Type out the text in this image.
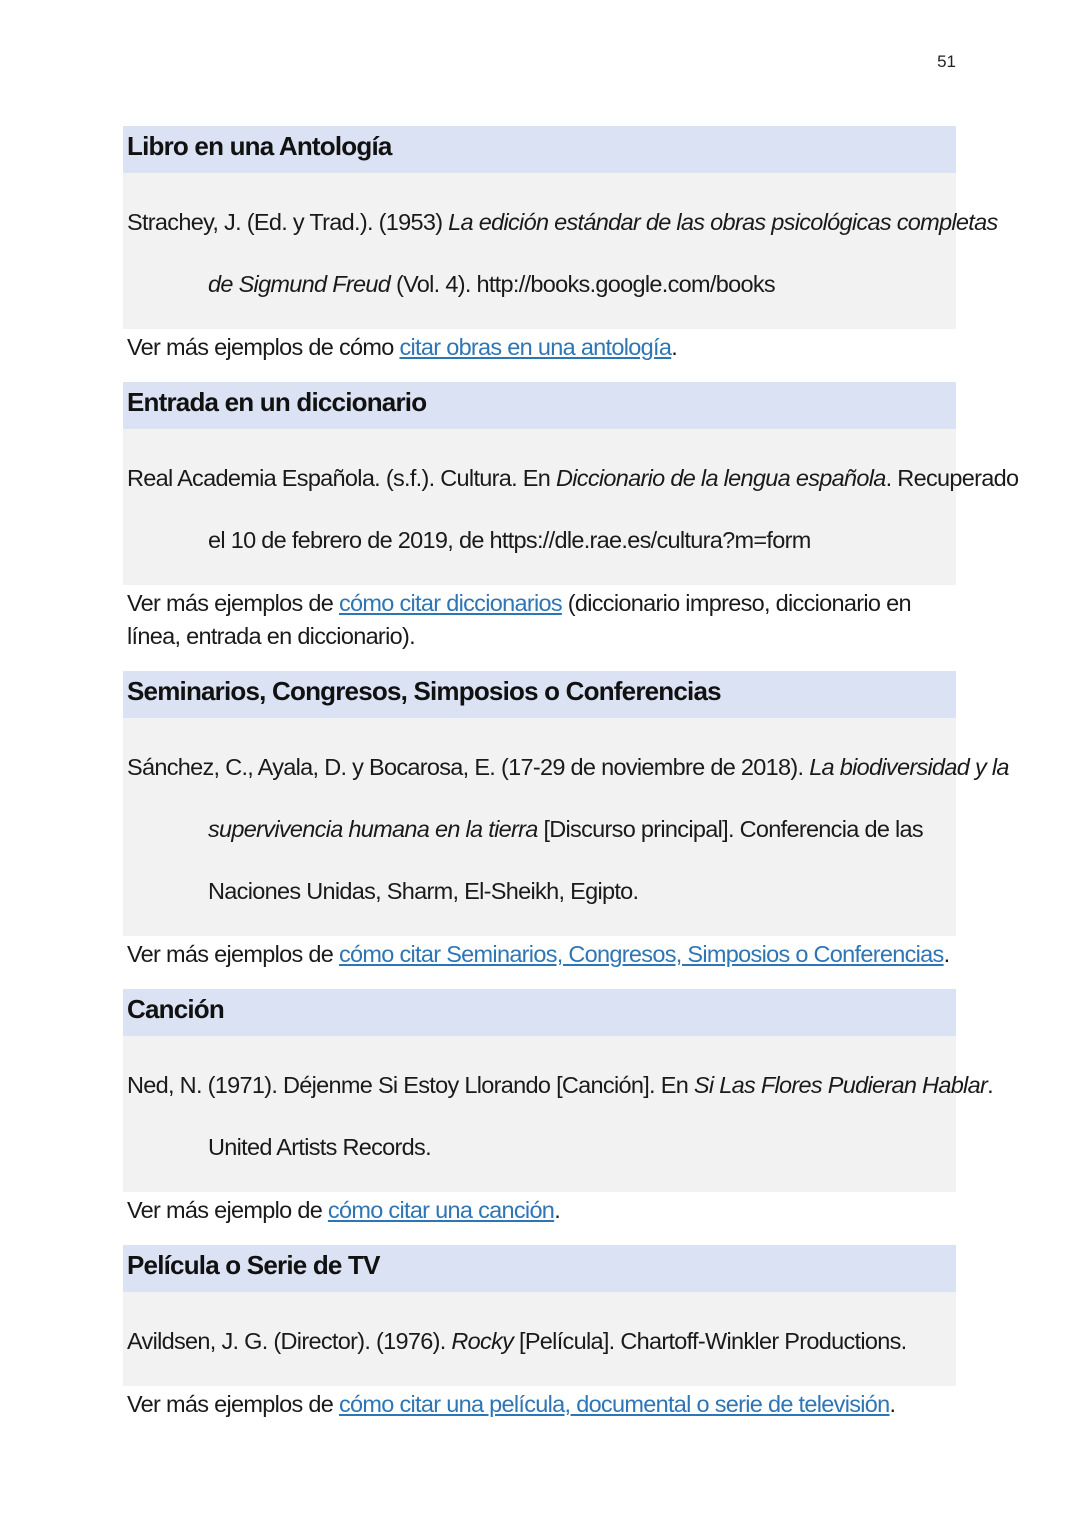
51
Libro en una Antología
Strachey, J. (Ed. y Trad.). (1953) La edición estándar de las obras psicológicas completas
de Sigmund Freud (Vol. 4). http://books.google.com/books
Ver más ejemplos de cómo citar obras en una antología.
Entrada en un diccionario
Real Academia Española. (s.f.). Cultura. En Diccionario de la lengua española. Recuperado
el 10 de febrero de 2019, de https://dle.rae.es/cultura?m=form
Ver más ejemplos de cómo citar diccionarios (diccionario impreso, diccionario en línea, entrada en diccionario).
Seminarios, Congresos, Simposios o Conferencias
Sánchez, C., Ayala, D. y Bocarosa, E. (17-29 de noviembre de 2018). La biodiversidad y la
supervivencia humana en la tierra [Discurso principal]. Conferencia de las
Naciones Unidas, Sharm, El-Sheikh, Egipto.
Ver más ejemplos de cómo citar Seminarios, Congresos, Simposios o Conferencias.
Canción
Ned, N. (1971). Déjenme Si Estoy Llorando [Canción]. En Si Las Flores Pudieran Hablar.
United Artists Records.
Ver más ejemplo de cómo citar una canción.
Película o Serie de TV
Avildsen, J. G. (Director). (1976). Rocky [Película]. Chartoff-Winkler Productions.
Ver más ejemplos de cómo citar una película, documental o serie de televisión.
